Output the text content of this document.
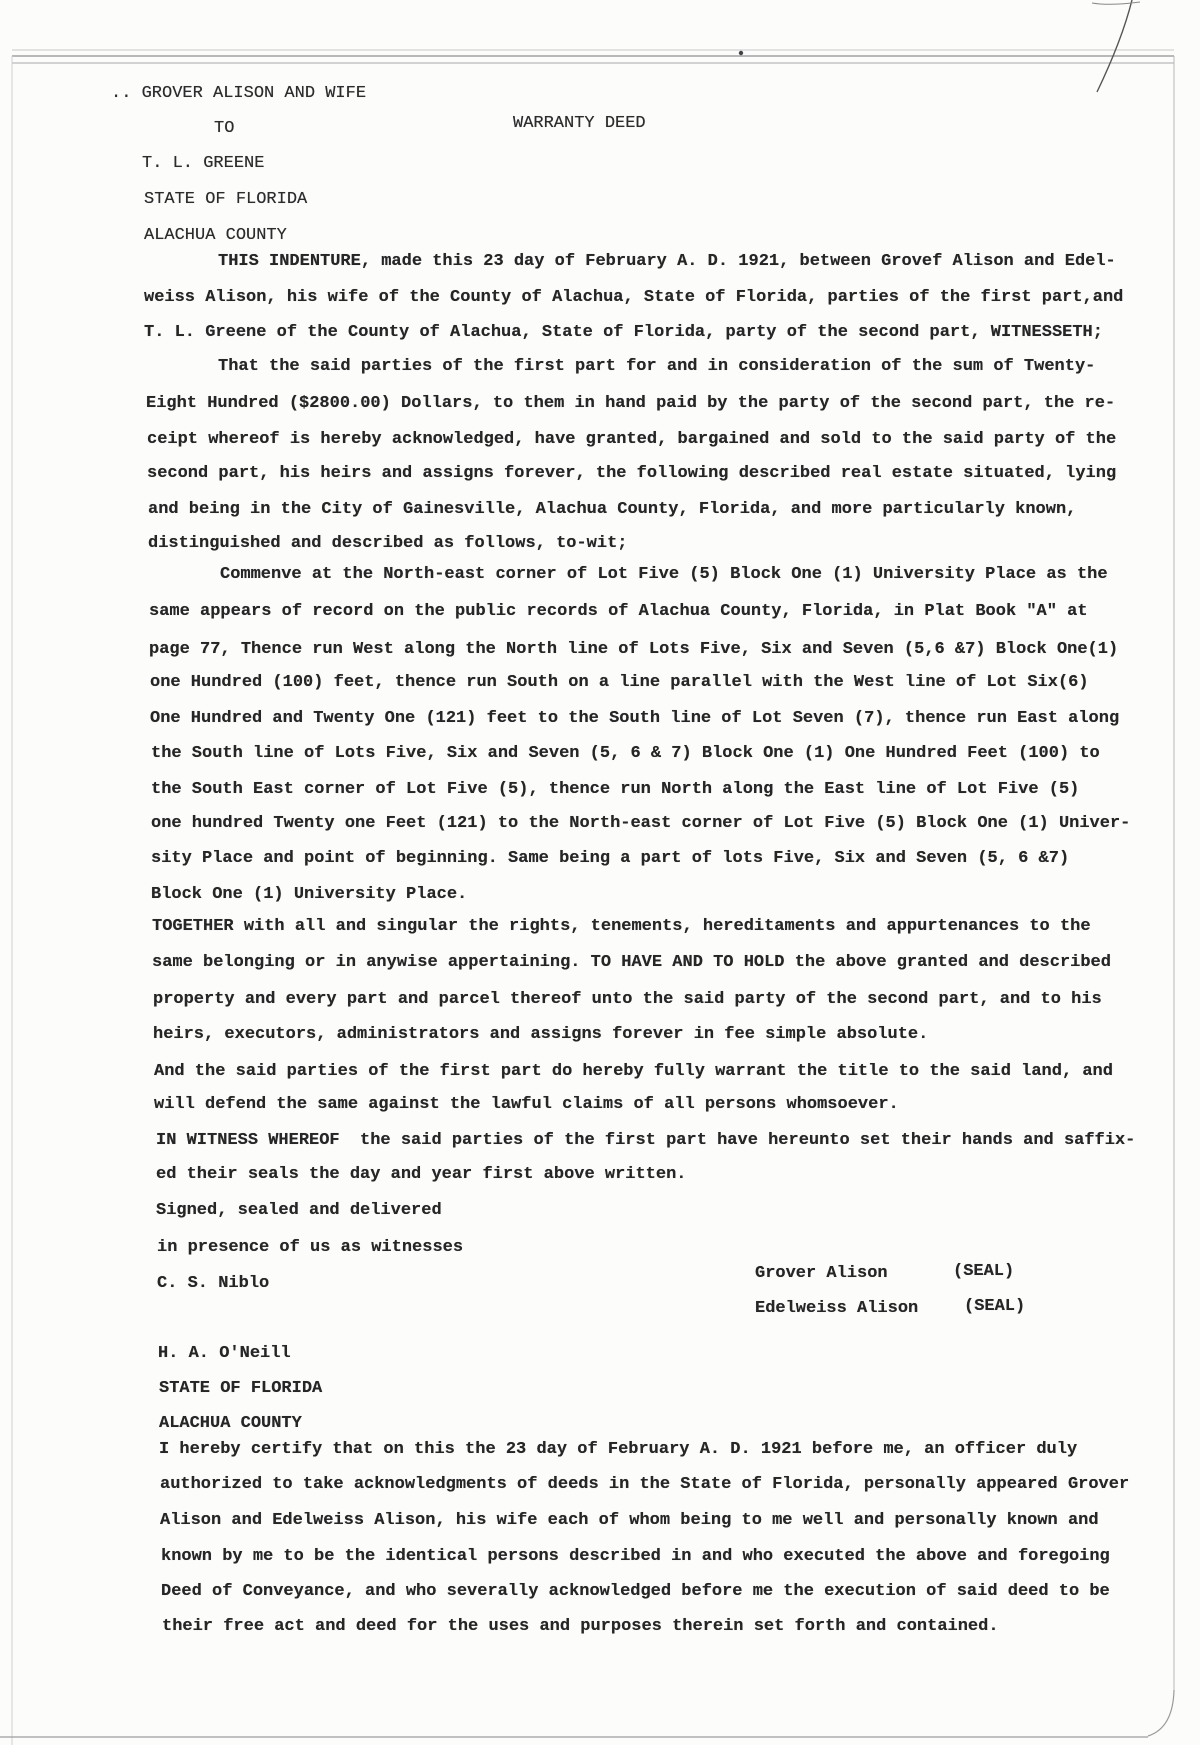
.. GROVER ALISON AND WIFE
TO	WARRANTY DEED
T. L. GREENE
STATE OF FLORIDA
ALACHUA COUNTY
THIS INDENTURE, made this 23 day of February A. D. 1921, between Grovef Alison and Edel-
weiss Alison, his wife of the County of Alachua, State of Florida, parties of the first part,and
T. L. Greene of the County of Alachua, State of Florida, party of the second part, WITNESSETH;
That the said parties of the first part for and in consideration of the sum of Twenty-
Eight Hundred ($2800.00) Dollars, to them in hand paid by the party of the second part, the re-
ceipt whereof is hereby acknowledged, have granted, bargained and sold to the said party of the
second part, his heirs and assigns forever, the following described real estate situated, lying
and being in the City of Gainesville, Alachua County, Florida, and more particularly known,
distinguished and described as follows, to-wit;
Commenve at the North-east corner of Lot Five (5) Block One (1) University Place as the
same appears of record on the public records of Alachua County, Florida, in Plat Book "A" at
page 77, Thence run West along the North line of Lots Five, Six and Seven (5,6 &7) Block One(1)
one Hundred (100) feet, thence run South on a line parallel with the West line of Lot Six(6)
One Hundred and Twenty One (121) feet to the South line of Lot Seven (7), thence run East along
the South line of Lots Five, Six and Seven (5, 6 & 7) Block One (1) One Hundred Feet (100) to
the South East corner of Lot Five (5), thence run North along the East line of Lot Five (5)
one hundred Twenty one Feet (121) to the North-east corner of Lot Five (5) Block One (1) Univer-
sity Place and point of beginning. Same being a part of lots Five, Six and Seven (5, 6 &7)
Block One (1) University Place.
TOGETHER with all and singular the rights, tenements, hereditaments and appurtenances to the
same belonging or in anywise appertaining. TO HAVE AND TO HOLD the above granted and described
property and every part and parcel thereof unto the said party of the second part, and to his
heirs, executors, administrators and assigns forever in fee simple absolute.
And the said parties of the first part do hereby fully warrant the title to the said land, and
will defend the same against the lawful claims of all persons whomsoever.
IN WITNESS WHEREOF  the said parties of the first part have hereunto set their hands and saffix-
ed their seals the day and year first above written.
Signed, sealed and delivered
in presence of us as witnesses
C. S. Niblo
Grover Alison	(SEAL)
Edelweiss Alison	(SEAL)
H. A. O'Neill
STATE OF FLORIDA
ALACHUA COUNTY
I hereby certify that on this the 23 day of February A. D. 1921 before me, an officer duly
authorized to take acknowledgments of deeds in the State of Florida, personally appeared Grover
Alison and Edelweiss Alison, his wife each of whom being to me well and personally known and
known by me to be the identical persons described in and who executed the above and foregoing
Deed of Conveyance, and who severally acknowledged before me the execution of said deed to be
their free act and deed for the uses and purposes therein set forth and contained.
